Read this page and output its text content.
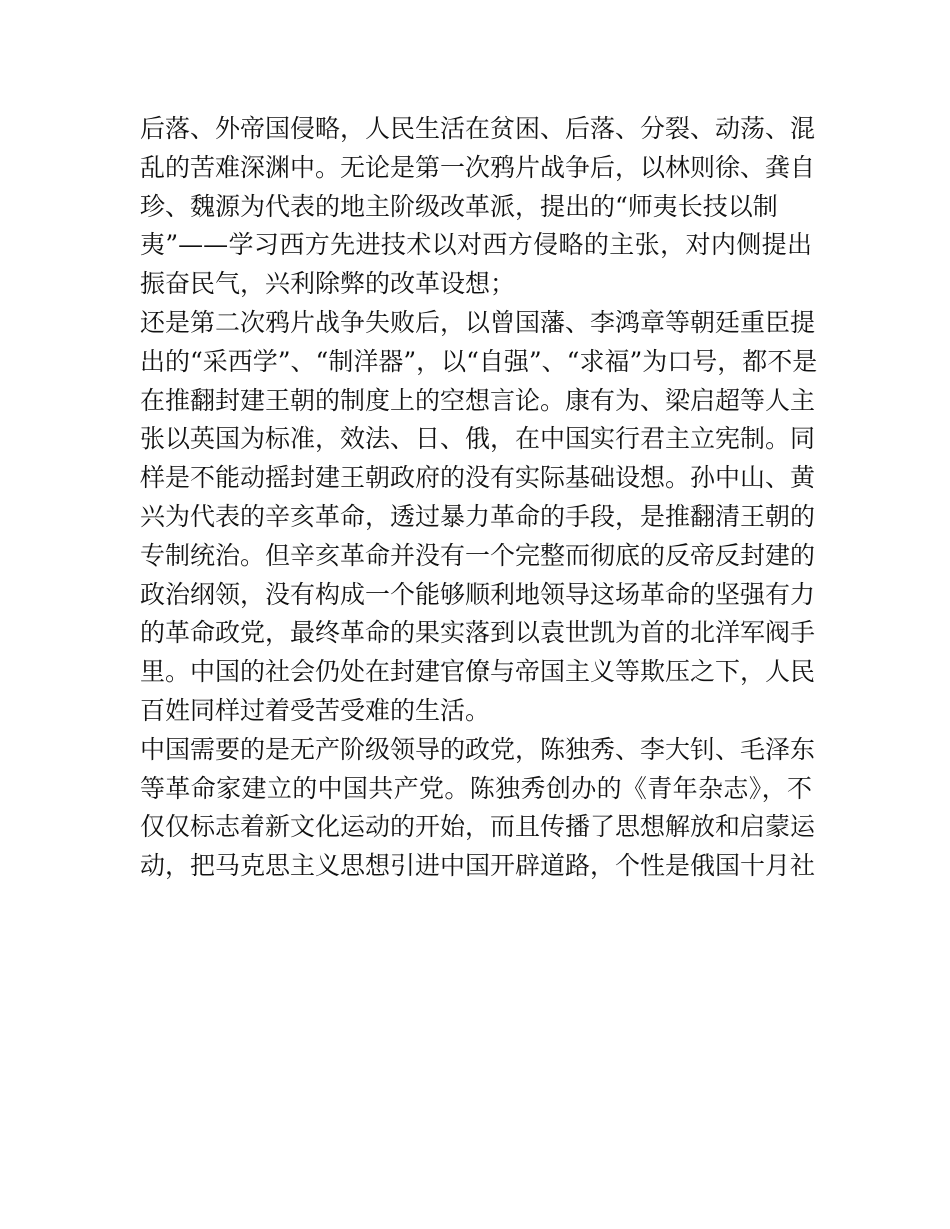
后落、外帝国侵略，人民生活在贫困、后落、分裂、动荡、混
乱的苦难深渊中。无论是第一次鸦片战争后，以林则徐、龚自
珍、魏源为代表的地主阶级改革派，提出的“师夷长技以制
夷”——学习西方先进技术以对西方侵略的主张，对内侧提出
振奋民气，兴利除弊的改革设想；
还是第二次鸦片战争失败后，以曾国藩、李鸿章等朝廷重臣提
出的“采西学”、“制洋器”，以“自强”、“求福”为口号，都不是
在推翻封建王朝的制度上的空想言论。康有为、梁启超等人主
张以英国为标准，效法、日、俄，在中国实行君主立宪制。同
样是不能动摇封建王朝政府的没有实际基础设想。孙中山、黄
兴为代表的辛亥革命，透过暴力革命的手段，是推翻清王朝的
专制统治。但辛亥革命并没有一个完整而彻底的反帝反封建的
政治纲领，没有构成一个能够顺利地领导这场革命的坚强有力
的革命政党，最终革命的果实落到以袁世凯为首的北洋军阀手
里。中国的社会仍处在封建官僚与帝国主义等欺压之下，人民
百姓同样过着受苦受难的生活。
中国需要的是无产阶级领导的政党，陈独秀、李大钊、毛泽东
等革命家建立的中国共产党。陈独秀创办的《青年杂志》，不
仅仅标志着新文化运动的开始，而且传播了思想解放和启蒙运
动，把马克思主义思想引进中国开辟道路，个性是俄国十月社
